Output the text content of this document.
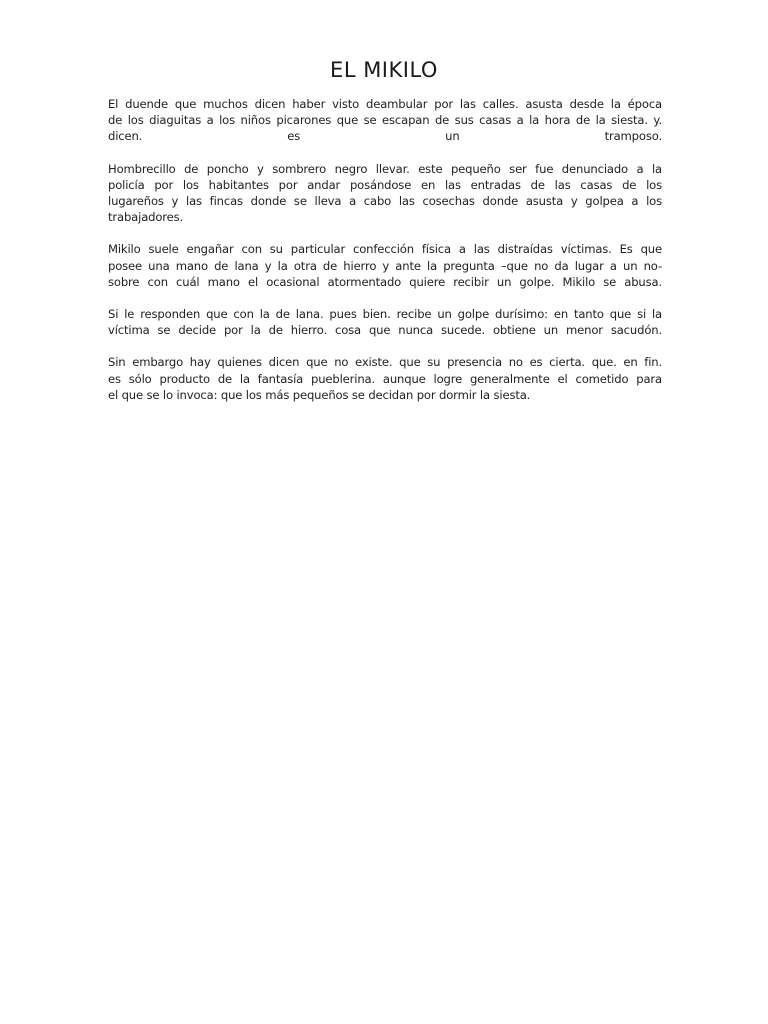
EL MIKILO

El duende que muchos dicen haber visto deambular por las calles. asusta desde la época
de los diaguitas a los niños picarones que se escapan de sus casas a la hora de la siesta. y.
dicen. es un tramposo.

Hombrecillo de poncho y sombrero negro llevar. este pequeño ser fue denunciado a la
policía por los habitantes por andar posándose en las entradas de las casas de los
lugareños y las fincas donde se lleva a cabo las cosechas donde asusta y golpea a los
trabajadores.

Mikilo suele engañar con su particular confección física a las distraídas víctimas. Es que
posee una mano de lana y la otra de hierro y ante la pregunta –que no da lugar a un no-
sobre con cuál mano el ocasional atormentado quiere recibir un golpe. Mikilo se abusa.

Si le responden que con la de lana. pues bien. recibe un golpe durísimo: en tanto que si la
víctima se decide por la de hierro. cosa que nunca sucede. obtiene un menor sacudón.

Sin embargo hay quienes dicen que no existe. que su presencia no es cierta. que. en fin.
es sólo producto de la fantasía pueblerina. aunque logre generalmente el cometido para
el que se lo invoca: que los más pequeños se decidan por dormir la siesta.
